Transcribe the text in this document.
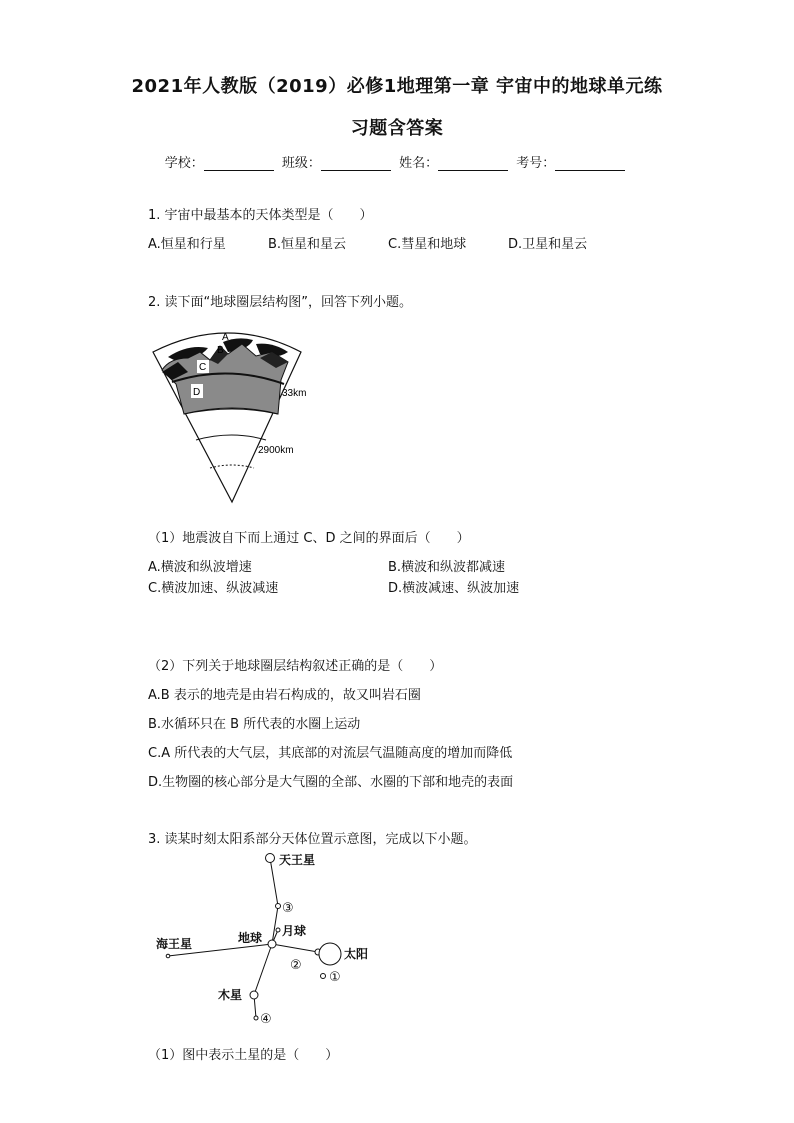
2021年人教版（2019）必修1地理第一章 宇宙中的地球单元练
习题含答案
学校：	班级：	姓名：	考号：
1. 宇宙中最基本的天体类型是（　　）
A.恒星和行星	B.恒星和星云	C.彗星和地球	D.卫星和星云
2. 读下面“地球圈层结构图”，回答下列小题。
A
B
C
D	33km
2900km
（1）地震波自下而上通过 C、D 之间的界面后（　　）
A.横波和纵波增速	B.横波和纵波都减速
C.横波加速、纵波减速	D.横波减速、纵波加速
（2）下列关于地球圈层结构叙述正确的是（　　）
A.B 表示的地壳是由岩石构成的，故又叫岩石圈
B.水循环只在 B 所代表的水圈上运动
C.A 所代表的大气层，其底部的对流层气温随高度的增加而降低
D.生物圈的核心部分是大气圈的全部、水圈的下部和地壳的表面
3. 读某时刻太阳系部分天体位置示意图，完成以下小题。
天王星
海王星	地球 月球
太阳
木星
①
②
③
④
（1）图中表示土星的是（　　）
